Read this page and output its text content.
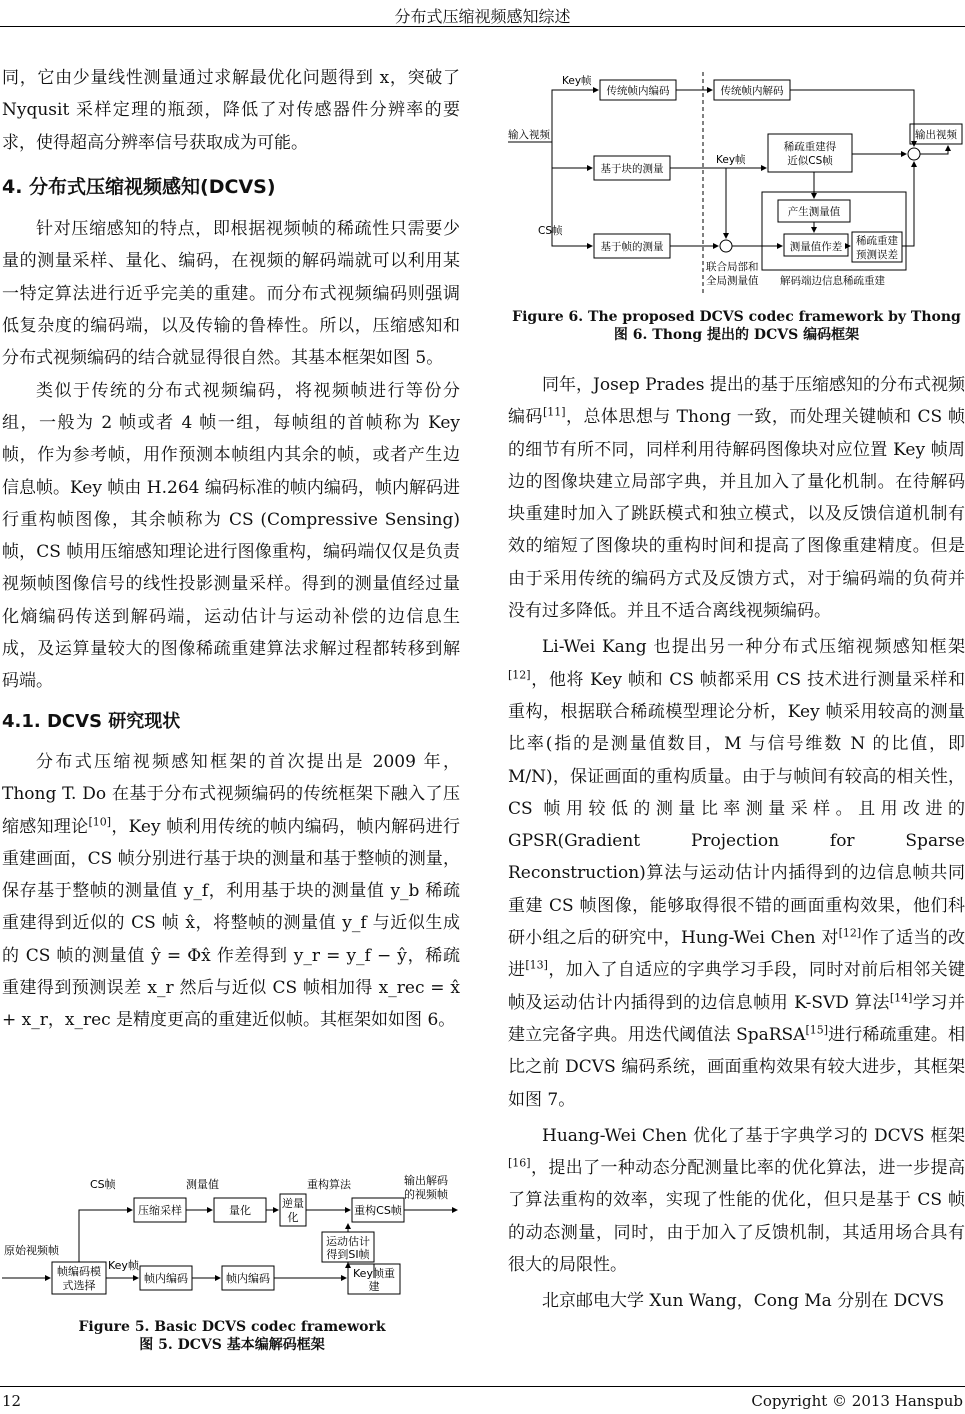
分布式压缩视频感知综述

同，它由少量线性测量通过求解最优化问题得到 x，突破了 Nyqusit 采样定理的瓶颈，降低了对传感器件分辨率的要求，使得超高分辨率信号获取成为可能。

4. 分布式压缩视频感知(DCVS)

针对压缩感知的特点，即根据视频帧的稀疏性只需要少量的测量采样、量化、编码，在视频的解码端就可以利用某一特定算法进行近乎完美的重建。而分布式视频编码则强调低复杂度的编码端，以及传输的鲁棒性。所以，压缩感知和分布式视频编码的结合就显得很自然。其基本框架如图 5。

类似于传统的分布式视频编码，将视频帧进行等份分组，一般为 2 帧或者 4 帧一组，每帧组的首帧称为 Key 帧，作为参考帧，用作预测本帧组内其余的帧，或者产生边信息帧。Key 帧由 H.264 编码标准的帧内编码，帧内解码进行重构帧图像，其余帧称为 CS (Compressive Sensing)帧，CS 帧用压缩感知理论进行图像重构，编码端仅仅是负责视频帧图像信号的线性投影测量采样。得到的测量值经过量化熵编码传送到解码端，运动估计与运动补偿的边信息生成，及运算量较大的图像稀疏重建算法求解过程都转移到解码端。

4.1. DCVS 研究现状

分布式压缩视频感知框架的首次提出是 2009 年，Thong T. Do 在基于分布式视频编码的传统框架下融入了压缩感知理论[10]，Key 帧利用传统的帧内编码，帧内解码进行重建画面，CS 帧分别进行基于块的测量和基于整帧的测量，保存基于整帧的测量值 y_f，利用基于块的测量值 y_b 稀疏重建得到近似的 CS 帧 x̂，将整帧的测量值 y_f 与近似生成的 CS 帧的测量值 ŷ = Φx̂ 作差得到 y_r = y_f − ŷ，稀疏重建得到预测误差 x_r 然后与近似 CS 帧相加得 x_rec = x̂ + x_r，x_rec 是精度更高的重建近似帧。其框架如如图 6。

CS帧	测量值	重构算法	输出解码
的视频帧
原始视频帧
Key帧
压缩采样	量化
逆量
化
重构CS帧
运动估计
得到SI帧
帧编码模
式选择
帧内编码	帧内编码	Key帧重
建
Figure 5. Basic DCVS codec framework
图 5. DCVS 基本编解码框架
Key帧
输入视频
Key帧
CS帧
联合局部和
全局测量值 解码端边信息稀疏重建
传统帧内编码	传统帧内解码
输出视频
基于块的测量
稀疏重建得
近似CS帧
产生测量值
基于帧的测量	测量值作差 稀疏重建
预测误差
Figure 6. The proposed DCVS codec framework by Thong
图 6. Thong 提出的 DCVS 编码框架

同年，Josep Prades 提出的基于压缩感知的分布式视频编码[11]，总体思想与 Thong 一致，而处理关键帧和 CS 帧的细节有所不同，同样利用待解码图像块对应位置 Key 帧周边的图像块建立局部字典，并且加入了量化机制。在待解码块重建时加入了跳跃模式和独立模式，以及反馈信道机制有效的缩短了图像块的重构时间和提高了图像重建精度。但是由于采用传统的编码方式及反馈方式，对于编码端的负荷并没有过多降低。并且不适合离线视频编码。

Li-Wei Kang 也提出另一种分布式压缩视频感知框架[12]，他将 Key 帧和 CS 帧都采用 CS 技术进行测量采样和重构，根据联合稀疏模型理论分析，Key 帧采用较高的测量比率(指的是测量值数目，M 与信号维数 N 的比值，即 M/N)，保证画面的重构质量。由于与帧间有较高的相关性，CS 帧用较低的测量比率测量采样。且用改进的 GPSR(Gradient Projection for Sparse Reconstruction)算法与运动估计内插得到的边信息帧共同重建 CS 帧图像，能够取得很不错的画面重构效果，他们科研小组之后的研究中，Hung-Wei Chen 对[12]作了适当的改进[13]，加入了自适应的字典学习手段，同时对前后相邻关键帧及运动估计内插得到的边信息帧用 K-SVD 算法[14]学习并建立完备字典。用迭代阈值法 SpaRSA[15]进行稀疏重建。相比之前 DCVS 编码系统，画面重构效果有较大进步，其框架如图 7。

Huang-Wei Chen 优化了基于字典学习的 DCVS 框架[16]，提出了一种动态分配测量比率的优化算法，进一步提高了算法重构的效率，实现了性能的优化，但只是基于 CS 帧的动态测量，同时，由于加入了反馈机制，其适用场合具有很大的局限性。

北京邮电大学 Xun Wang，Cong Ma 分别在 DCVS

12	Copyright © 2013 Hanspub
